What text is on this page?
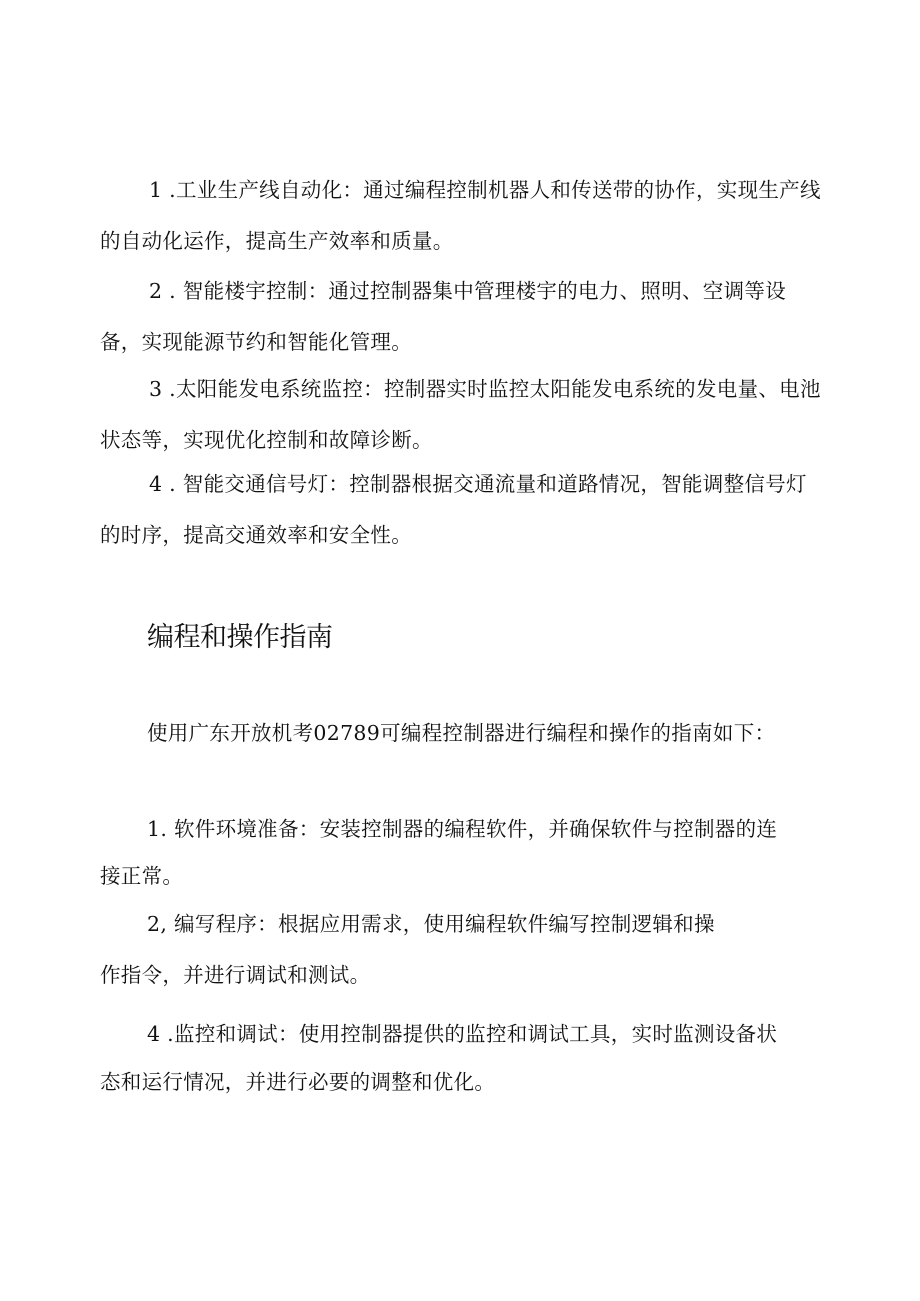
1 .工业生产线自动化：通过编程控制机器人和传送带的协作，实现生产线的自动化运作，提高生产效率和质量。

2 . 智能楼宇控制：通过控制器集中管理楼宇的电力、照明、空调等设备，实现能源节约和智能化管理。

3 .太阳能发电系统监控：控制器实时监控太阳能发电系统的发电量、电池状态等，实现优化控制和故障诊断。

4 . 智能交通信号灯：控制器根据交通流量和道路情况，智能调整信号灯的时序，提高交通效率和安全性。

编程和操作指南

使用广东开放机考02789可编程控制器进行编程和操作的指南如下：

1. 软件环境准备：安装控制器的编程软件，并确保软件与控制器的连

接正常。

2, 编写程序：根据应用需求，使用编程软件编写控制逻辑和操

作指令，并进行调试和测试。

4 .监控和调试：使用控制器提供的监控和调试工具，实时监测设备状

态和运行情况，并进行必要的调整和优化。
